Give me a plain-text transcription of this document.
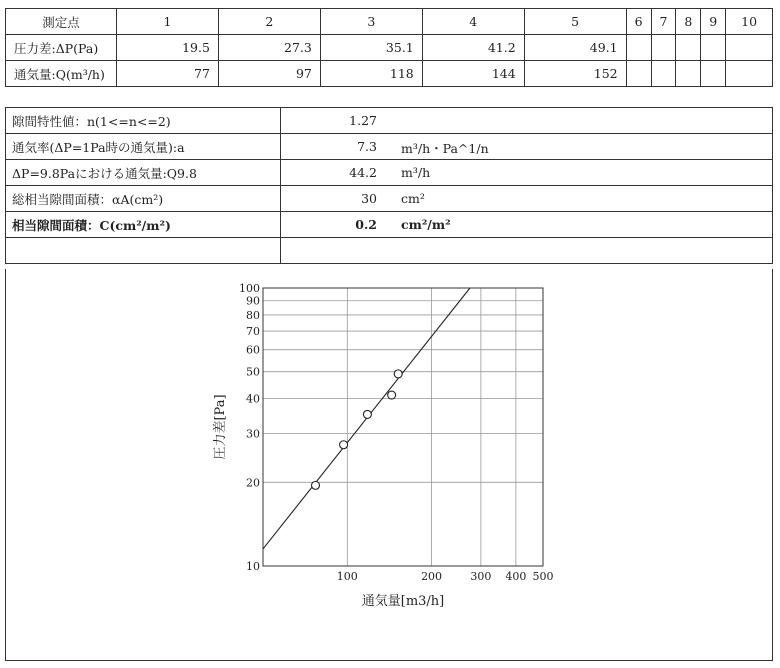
測定点	1	2	3	4	5	6	7	8	9	10
圧力差:ΔP(Pa)	19.5	27.3	35.1	41.2	49.1					
通気量:Q(m³/h)	77	97	118	144	152					
隙間特性値：n(1<=n<=2)	1.27

通気率(ΔP=1Pa時の通気量):a	7.3 m³/h・Pa^1/n

ΔP=9.8Paにおける通気量:Q9.8	44.2 m³/h

総相当隙間面積：αA(cm²)	30 cm²

相当隙間面積：C(cm²/m²)	0.2 cm²/m²

100	200	300 400 500
10
20
30
40
50
60
70
80
90
100
通気量[m3/h]
圧力差[Pa]
